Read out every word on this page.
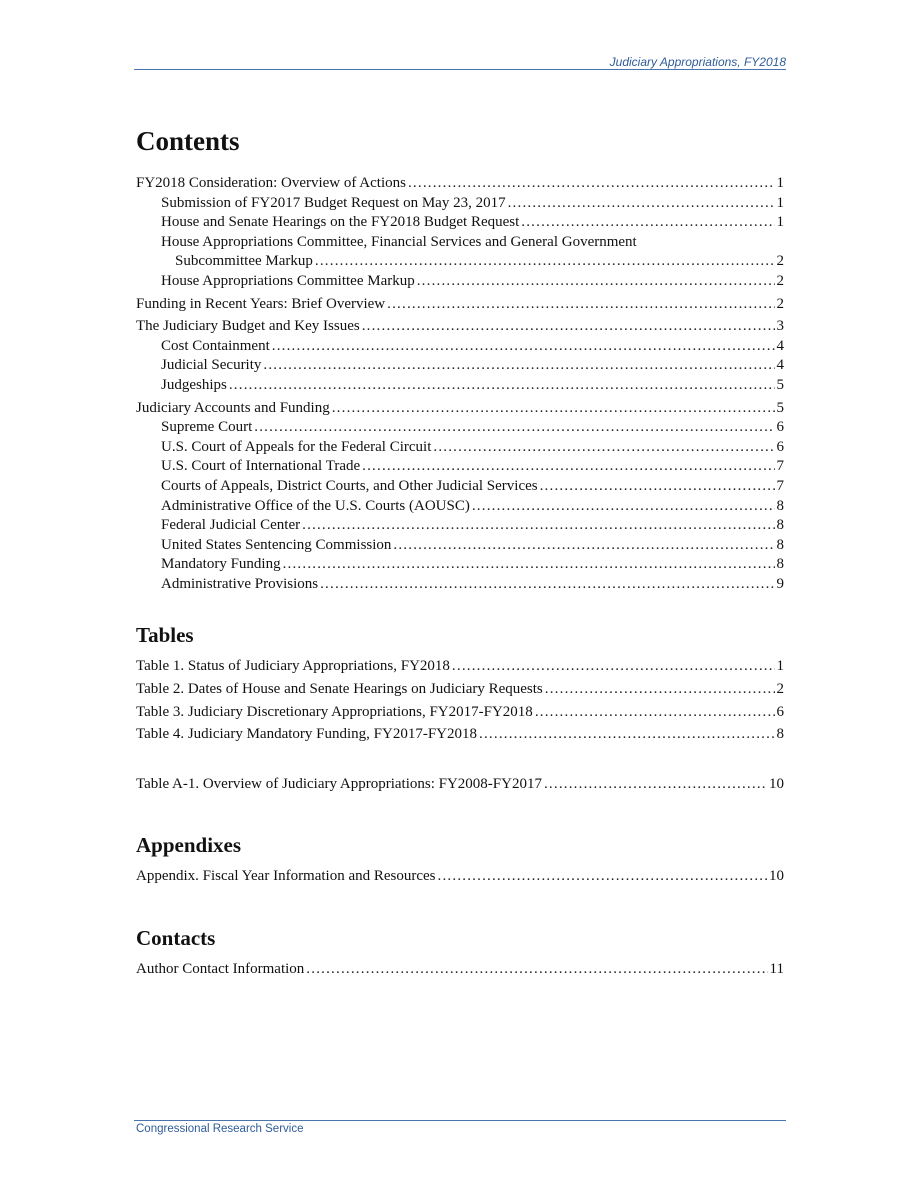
Judiciary Appropriations, FY2018
Contents
FY2018 Consideration: Overview of Actions .....	1
Submission of FY2017 Budget Request on May 23, 2017 .....	1
House and Senate Hearings on the FY2018 Budget Request .....	1
House Appropriations Committee, Financial Services and General Government
Subcommittee Markup .....	2
House Appropriations Committee Markup .....	2
Funding in Recent Years: Brief Overview .....	2
The Judiciary Budget and Key Issues .....	3
Cost Containment .....	4
Judicial Security .....	4
Judgeships .....	5
Judiciary Accounts and Funding .....	5
Supreme Court .....	6
U.S. Court of Appeals for the Federal Circuit .....	6
U.S. Court of International Trade .....	7
Courts of Appeals, District Courts, and Other Judicial Services .....	7
Administrative Office of the U.S. Courts (AOUSC) .....	8
Federal Judicial Center .....	8
United States Sentencing Commission .....	8
Mandatory Funding .....	8
Administrative Provisions .....	9
Tables
Table 1. Status of Judiciary Appropriations, FY2018 .....	1
Table 2. Dates of House and Senate Hearings on Judiciary Requests .....	2
Table 3. Judiciary Discretionary Appropriations, FY2017-FY2018 .....	6
Table 4. Judiciary Mandatory Funding, FY2017-FY2018 .....	8
Table A-1. Overview of Judiciary Appropriations: FY2008-FY2017 .....	10
Appendixes
Appendix. Fiscal Year Information and Resources .....	10
Contacts
Author Contact Information .....	11
Congressional Research Service
